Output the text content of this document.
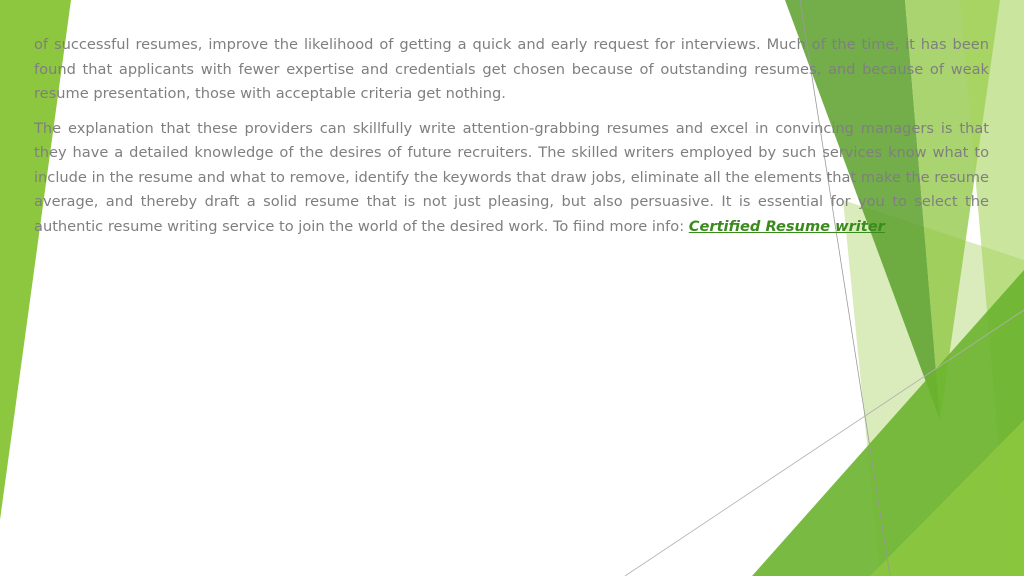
of successful resumes, improve the likelihood of getting a quick and early request for interviews. Much of the time, it has been found that applicants with fewer expertise and credentials get chosen because of outstanding resumes, and because of weak resume presentation, those with acceptable criteria get nothing.

The explanation that these providers can skillfully write attention-grabbing resumes and excel in convincing managers is that they have a detailed knowledge of the desires of future recruiters. The skilled writers employed by such services know what to include in the resume and what to remove, identify the keywords that draw jobs, eliminate all the elements that make the resume average, and thereby draft a solid resume that is not just pleasing, but also persuasive. It is essential for you to select the authentic resume writing service to join the world of the desired work. To fiind more info: Certified Resume writer
